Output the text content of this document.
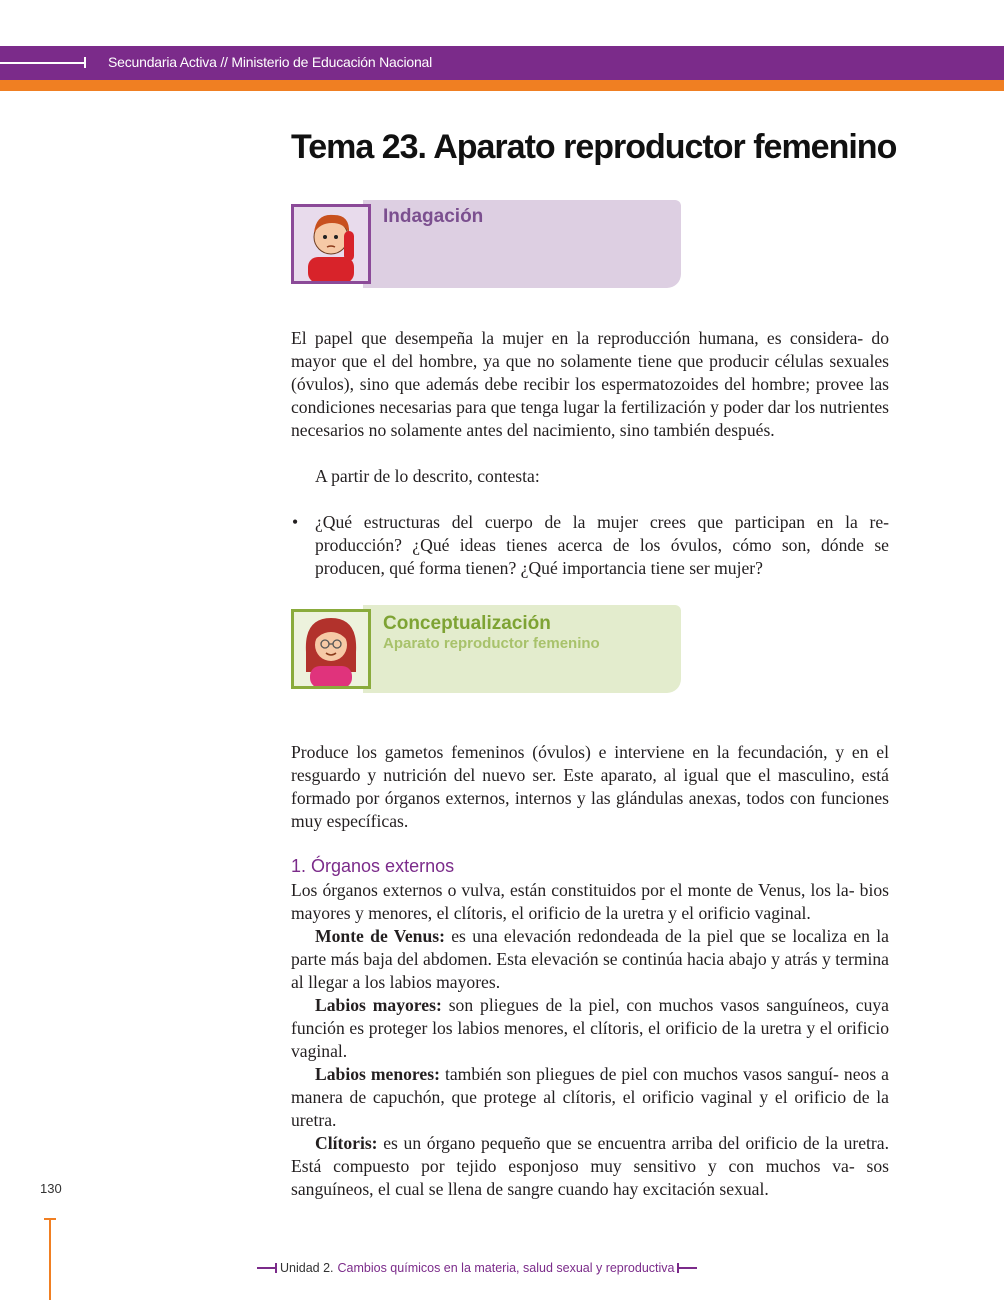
Secundaria Activa // Ministerio de Educación Nacional
Tema 23. Aparato reproductor femenino
Indagación

El papel que desempeña la mujer en la reproducción humana, es considera- do mayor que el del hombre, ya que no solamente tiene que producir células sexuales (óvulos), sino que además debe recibir los espermatozoides del hombre; provee las condiciones necesarias para que tenga lugar la fertilización y poder dar los nutrientes necesarios no solamente antes del nacimiento, sino también después.

A partir de lo descrito, contesta:

• ¿Qué estructuras del cuerpo de la mujer crees que participan en la re- producción? ¿Qué ideas tienes acerca de los óvulos, cómo son, dónde se producen, qué forma tienen? ¿Qué importancia tiene ser mujer?
Conceptualización
Aparato reproductor femenino

Produce los gametos femeninos (óvulos) e interviene en la fecundación, y en el resguardo y nutrición del nuevo ser. Este aparato, al igual que el masculino, está formado por órganos externos, internos y las glándulas anexas, todos con funciones muy específicas.

1. Órganos externos

Los órganos externos o vulva, están constituidos por el monte de Venus, los la- bios mayores y menores, el clítoris, el orificio de la uretra y el orificio vaginal.

Monte de Venus: es una elevación redondeada de la piel que se localiza en la parte más baja del abdomen. Esta elevación se continúa hacia abajo y atrás y termina al llegar a los labios mayores.

Labios mayores: son pliegues de la piel, con muchos vasos sanguíneos, cuya función es proteger los labios menores, el clítoris, el orificio de la uretra y el orificio vaginal.

Labios menores: también son pliegues de piel con muchos vasos sanguí- neos a manera de capuchón, que protege al clítoris, el orificio vaginal y el orificio de la uretra.

Clítoris: es un órgano pequeño que se encuentra arriba del orificio de la uretra. Está compuesto por tejido esponjoso muy sensitivo y con muchos va- sos sanguíneos, el cual se llena de sangre cuando hay excitación sexual.

130
Unidad 2. Cambios químicos en la materia, salud sexual y reproductiva
